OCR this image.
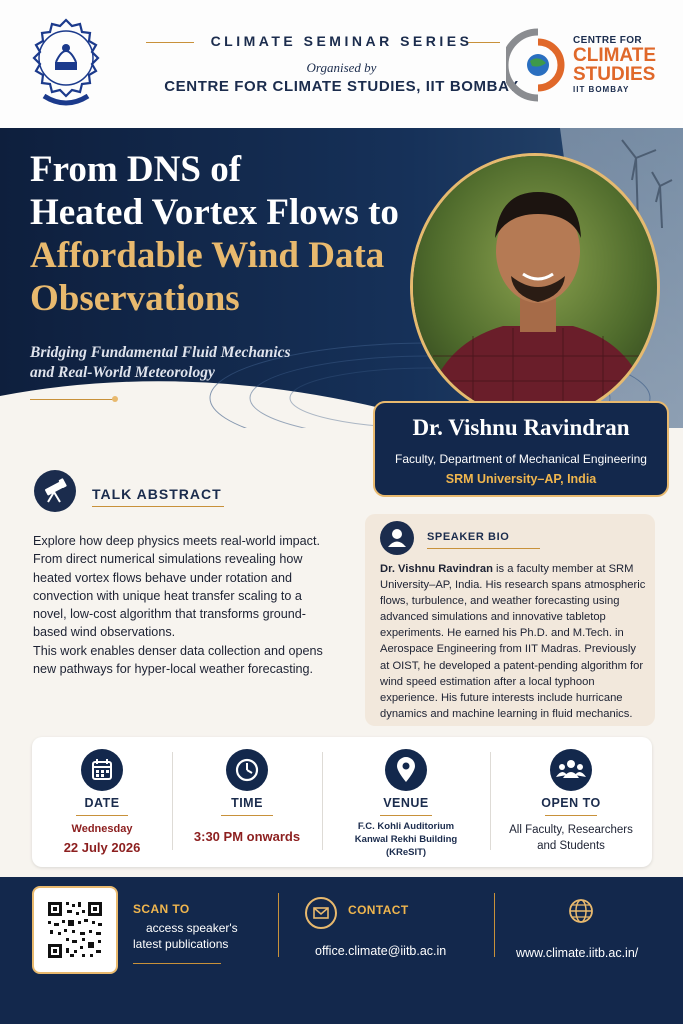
CLIMATE SEMINAR SERIES
Organised by
CENTRE FOR CLIMATE STUDIES, IIT BOMBAY
CENTRE FOR
CLIMATE
STUDIES
IIT BOMBAY
From DNS of
Heated Vortex Flows to
Affordable Wind Data
Observations
Bridging Fundamental Fluid Mechanics
and Real-World Meteorology
Dr. Vishnu Ravindran
Faculty, Department of Mechanical Engineering
SRM University–AP, India
TALK ABSTRACT

Explore how deep physics meets real-world impact. From direct numerical simulations revealing how heated vortex flows behave under rotation and convection with unique heat transfer scaling to a novel, low-cost algorithm that transforms ground-based wind observations.

This work enables denser data collection and opens new pathways for hyper-local weather forecasting.

SPEAKER BIO
Dr. Vishnu Ravindran is a faculty member at SRM University–AP, India. His research spans atmospheric flows, turbulence, and weather forecasting using advanced simulations and innovative tabletop experiments. He earned his Ph.D. and M.Tech. in Aerospace Engineering from IIT Madras. Previously at OIST, he developed a patent-pending algorithm for wind speed estimation after a local typhoon experience. His future interests include hurricane dynamics and machine learning in fluid mechanics.
DATE
Wednesday
22 July 2026
TIME
3:30 PM onwards
VENUE
F.C. Kohli Auditorium
Kanwal Rekhi Building
(KReSIT)
OPEN TO
All Faculty, Researchers
and Students
SCAN TO
access speaker's
latest publications
CONTACT
office.climate@iitb.ac.in	www.climate.iitb.ac.in/
